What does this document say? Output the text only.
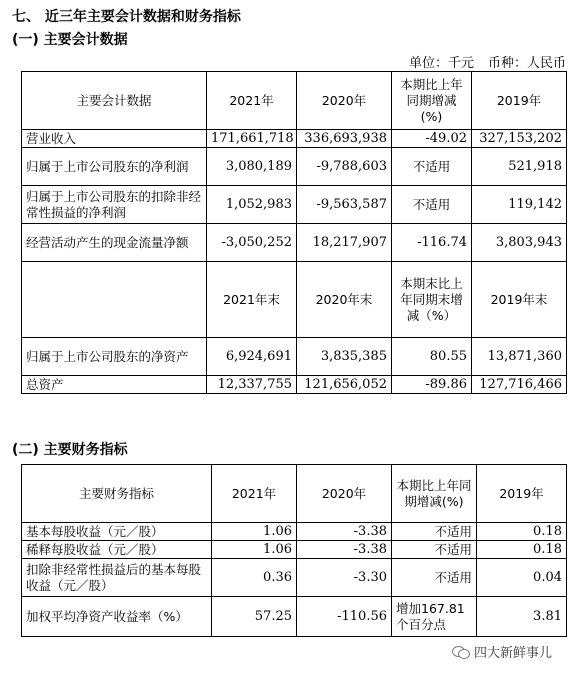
七、 近三年主要会计数据和财务指标
(一) 主要会计数据
单位：千元 币种：人民币
主要会计数据	2021年	2020年	本期比上年同期增减(%)	2019年
营业收入	171,661,718	336,693,938	-49.02	327,153,202
归属于上市公司股东的净利润	3,080,189	-9,788,603	不适用	521,918
归属于上市公司股东的扣除非经常性损益的净利润	1,052,983	-9,563,587	不适用	119,142
经营活动产生的现金流量净额	-3,050,252	18,217,907	-116.74	3,803,943
	2021年末	2020年末	本期末比上年同期末增减（%）	2019年末
归属于上市公司股东的净资产	6,924,691	3,835,385	80.55	13,871,360
总资产	12,337,755	121,656,052	-89.86	127,716,466
(二) 主要财务指标
主要财务指标	2021年	2020年	本期比上年同期增减(%)	2019年
基本每股收益（元／股）	1.06	-3.38	不适用	0.18
稀释每股收益（元／股）	1.06	-3.38	不适用	0.18
扣除非经常性损益后的基本每股收益（元／股）	0.36	-3.30	不适用	0.04
加权平均净资产收益率（%）	57.25	-110.56	增加167.81个百分点	3.81
四大新鲜事儿
